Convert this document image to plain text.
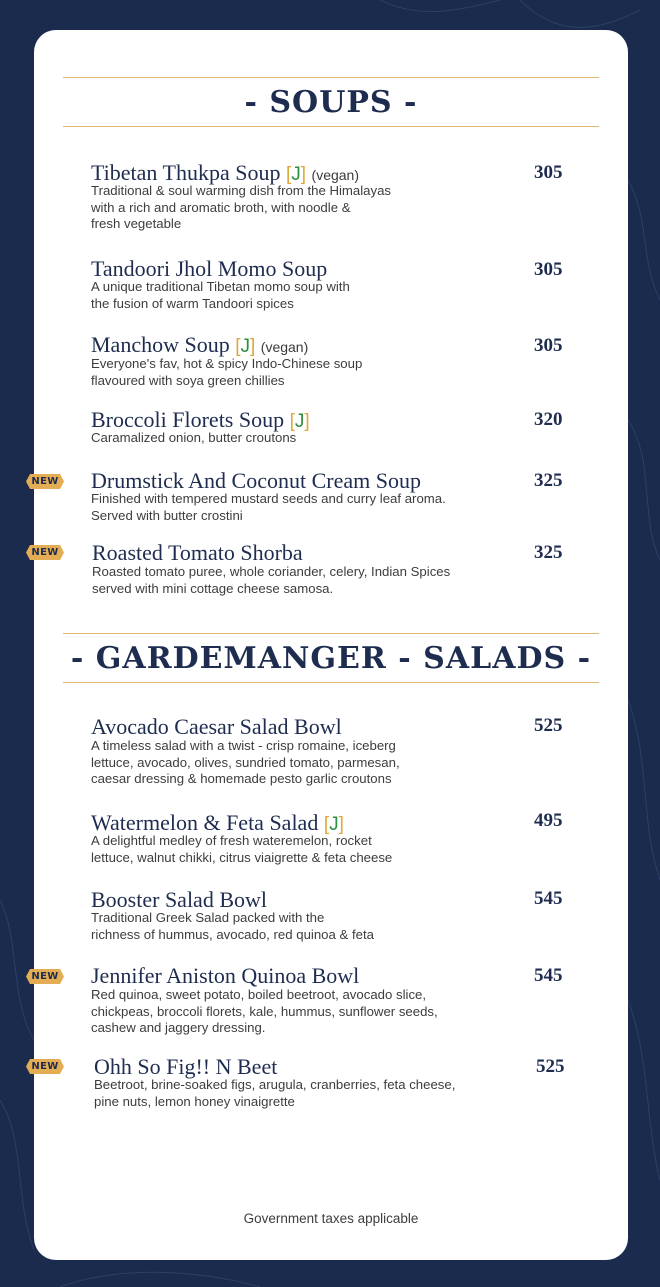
- SOUPS -
Tibetan Thukpa Soup [J] (vegan)	305
Traditional & soul warming dish from the Himalayas
with a rich and aromatic broth, with noodle &
fresh vegetable
Tandoori Jhol Momo Soup	305
A unique traditional Tibetan momo soup with
the fusion of warm Tandoori spices
Manchow Soup [J] (vegan)	305
Everyone's fav, hot & spicy Indo-Chinese soup
flavoured with soya green chillies
Broccoli Florets Soup [J]	320
Caramalized onion, butter croutons
NEW Drumstick And Coconut Cream Soup	325
Finished with tempered mustard seeds and curry leaf aroma.
Served with butter crostini
NEW Roasted Tomato Shorba	325
Roasted tomato puree, whole coriander, celery, Indian Spices
served with mini cottage cheese samosa.
- GARDEMANGER - SALADS -
Avocado Caesar Salad Bowl	525
A timeless salad with a twist - crisp romaine, iceberg
lettuce, avocado, olives, sundried tomato, parmesan,
caesar dressing & homemade pesto garlic croutons
Watermelon & Feta Salad [J]	495
A delightful medley of fresh wateremelon, rocket
lettuce, walnut chikki, citrus viaigrette & feta cheese
Booster Salad Bowl	545
Traditional Greek Salad packed with the
richness of hummus, avocado, red quinoa & feta
NEW Jennifer Aniston Quinoa Bowl	545
Red quinoa, sweet potato, boiled beetroot, avocado slice,
chickpeas, broccoli florets, kale, hummus, sunflower seeds,
cashew and jaggery dressing.
NEW Ohh So Fig!! N Beet	525
Beetroot, brine-soaked figs, arugula, cranberries, feta cheese,
pine nuts, lemon honey vinaigrette
Government taxes applicable
